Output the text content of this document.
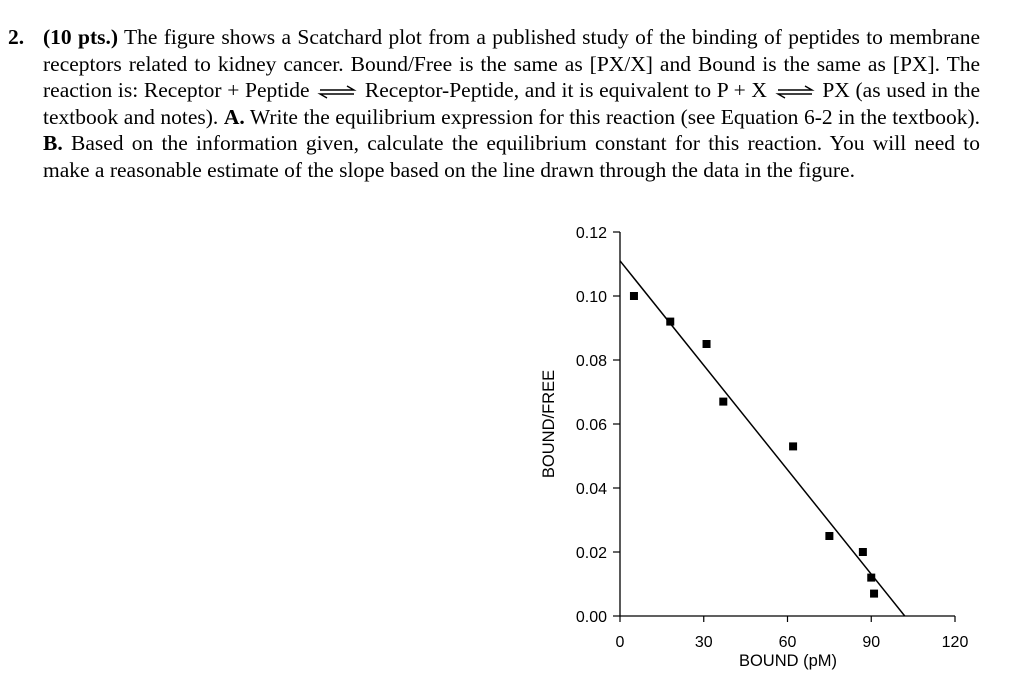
2. (10 pts.) The figure shows a Scatchard plot from a published study of the binding of peptides to membrane receptors related to kidney cancer. Bound/Free is the same as [PX/X] and Bound is the same as [PX]. The reaction is: Receptor + Peptide ⇌ Receptor-Peptide, and it is equivalent to P + X ⇌ PX (as used in the textbook and notes). A. Write the equilibrium expression for this reaction (see Equation 6-2 in the textbook). B. Based on the information given, calculate the equilibrium constant for this reaction. You will need to make a reasonable estimate of the slope based on the line drawn through the data in the figure.
0.00
0.02
0.04
0.06
0.08
0.10
0.12
0	30	60	90	120
BOUND/FREE
BOUND (pM)
